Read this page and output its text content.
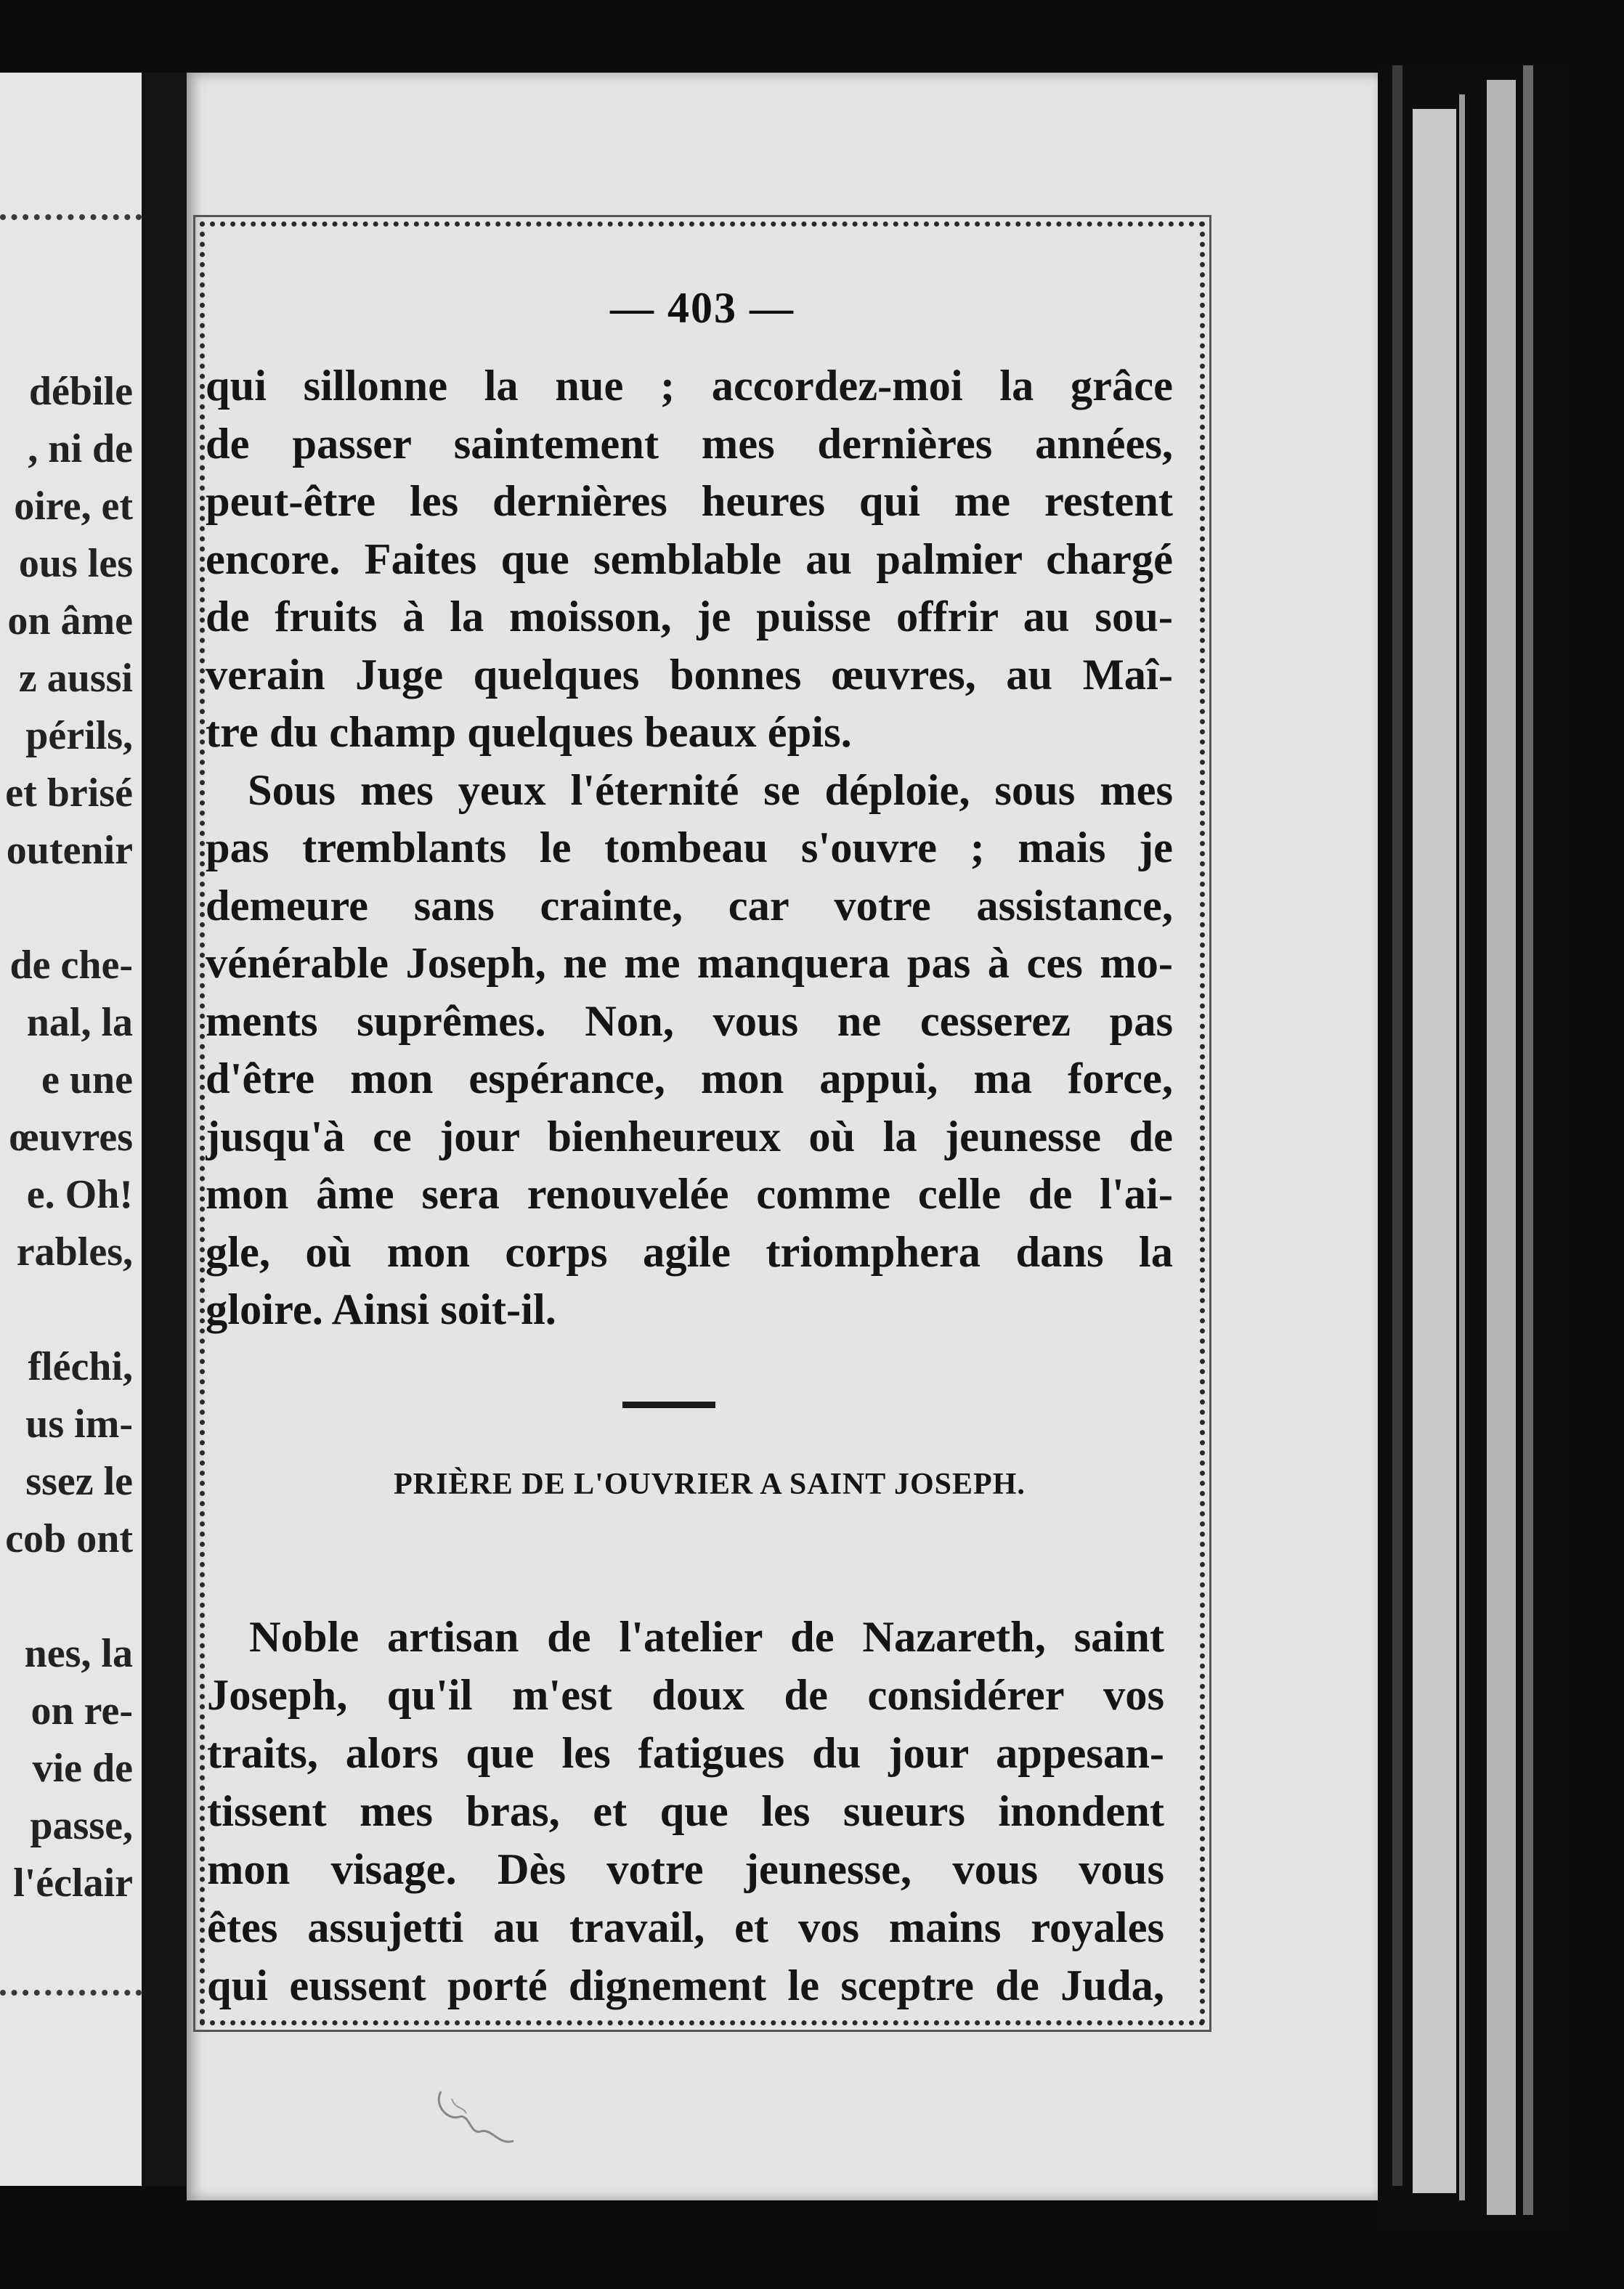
débile
, ni de
oire, et
ous les
on âme
z aussi
périls,
et brisé
outenir
de che-
nal, la
e une
œuvres
e. Oh!
rables,
fléchi,
us im-
ssez le
cob ont
nes, la
on re-
vie de
passe,
l'éclair
— 403 —
qui sillonne la nue ; accordez-moi la grâce
de passer saintement mes dernières années,
peut-être les dernières heures qui me restent
encore. Faites que semblable au palmier chargé
de fruits à la moisson, je puisse offrir au sou-
verain Juge quelques bonnes œuvres, au Maî-
tre du champ quelques beaux épis.
Sous mes yeux l'éternité se déploie, sous mes
pas tremblants le tombeau s'ouvre ; mais je
demeure sans crainte, car votre assistance,
vénérable Joseph, ne me manquera pas à ces mo-
ments suprêmes. Non, vous ne cesserez pas
d'être mon espérance, mon appui, ma force,
jusqu'à ce jour bienheureux où la jeunesse de
mon âme sera renouvelée comme celle de l'ai-
gle, où mon corps agile triomphera dans la
gloire. Ainsi soit-il.
PRIÈRE DE L'OUVRIER A SAINT JOSEPH.
Noble artisan de l'atelier de Nazareth, saint
Joseph, qu'il m'est doux de considérer vos
traits, alors que les fatigues du jour appesan-
tissent mes bras, et que les sueurs inondent
mon visage. Dès votre jeunesse, vous vous
êtes assujetti au travail, et vos mains royales
qui eussent porté dignement le sceptre de Juda,
